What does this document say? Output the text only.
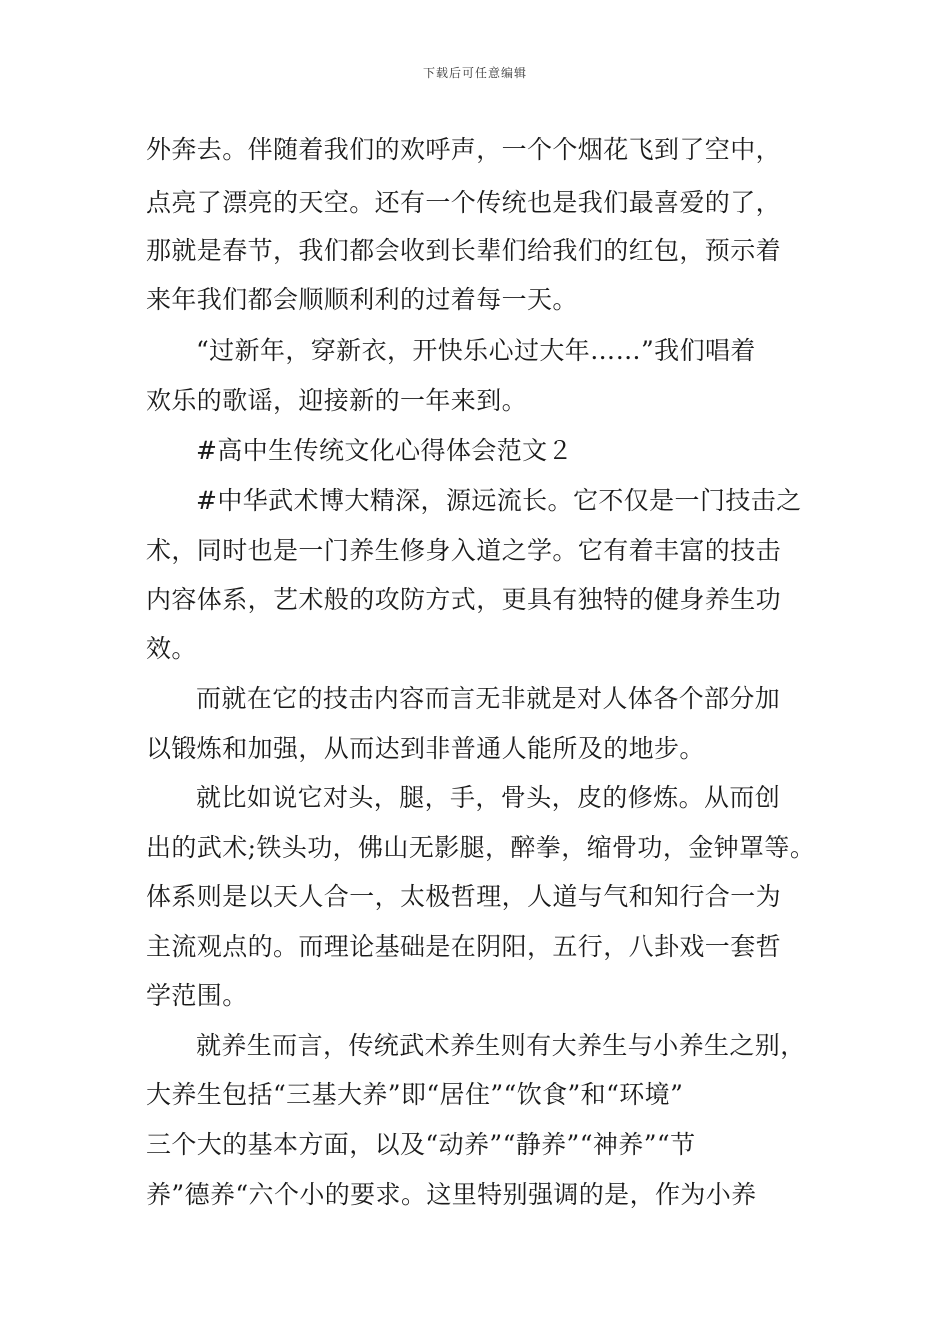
下载后可任意编辑
外奔去。伴随着我们的欢呼声，一个个烟花飞到了空中，
点亮了漂亮的天空。还有一个传统也是我们最喜爱的了，
那就是春节，我们都会收到长辈们给我们的红包，预示着
来年我们都会顺顺利利的过着每一天。
“过新年，穿新衣，开快乐心过大年……”我们唱着
欢乐的歌谣，迎接新的一年来到。
#高中生传统文化心得体会范文２
#中华武术博大精深，源远流长。它不仅是一门技击之
术，同时也是一门养生修身入道之学。它有着丰富的技击
内容体系，艺术般的攻防方式，更具有独特的健身养生功
效。
而就在它的技击内容而言无非就是对人体各个部分加
以锻炼和加强，从而达到非普通人能所及的地步。
就比如说它对头，腿，手，骨头，皮的修炼。从而创
出的武术;铁头功，佛山无影腿，醉拳，缩骨功，金钟罩等。
体系则是以天人合一，太极哲理，人道与气和知行合一为
主流观点的。而理论基础是在阴阳，五行，八卦戏一套哲
学范围。
就养生而言，传统武术养生则有大养生与小养生之别，
大养生包括“三基大养”即“居住”“饮食”和“环境”
三个大的基本方面，以及“动养”“静养”“神养”“节
养”德养“六个小的要求。这里特别强调的是，作为小养
